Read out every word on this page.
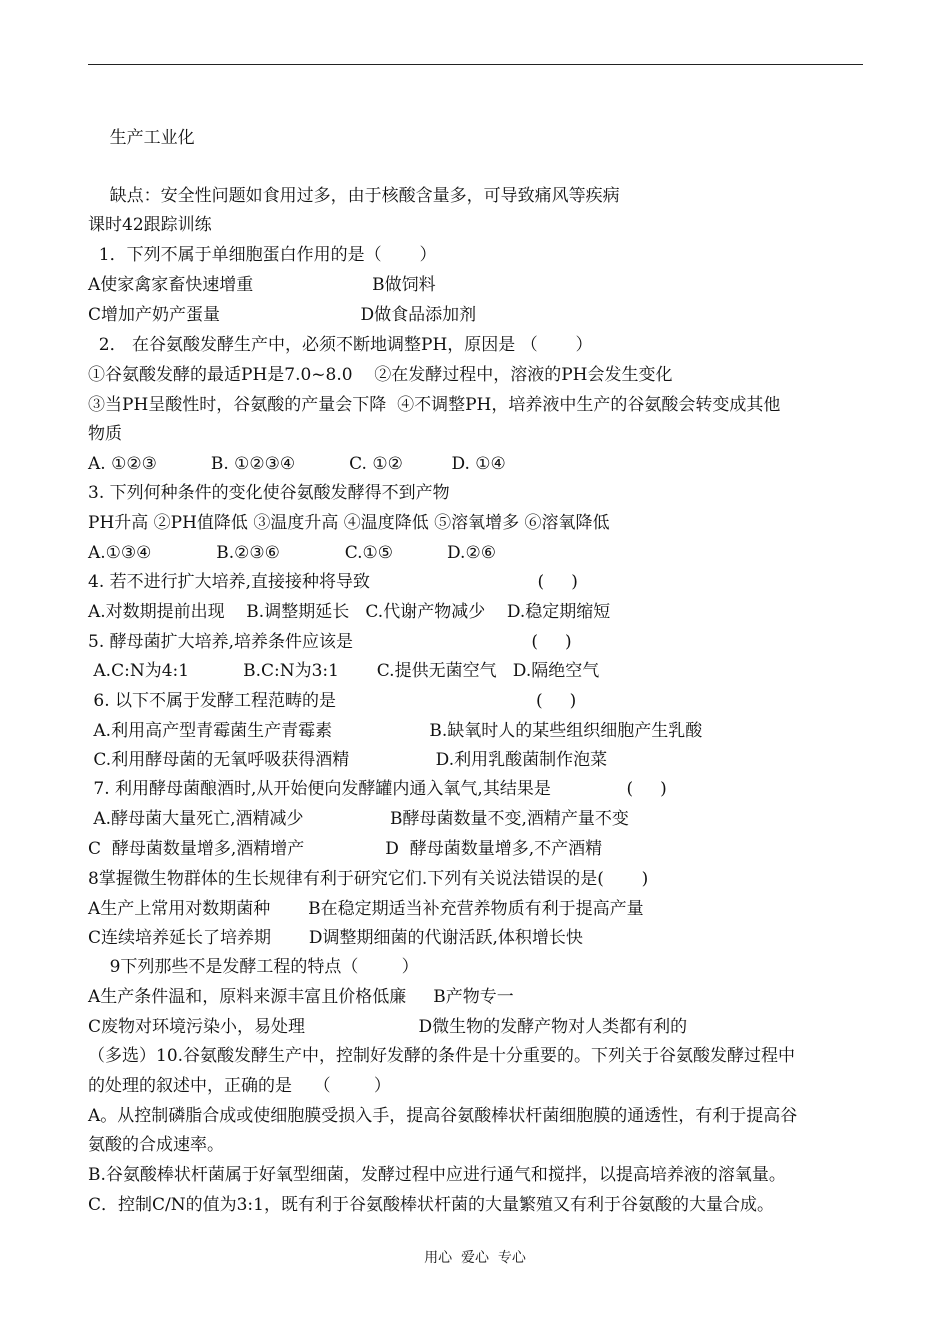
生产工业化
缺点：安全性问题如食用过多，由于核酸含量多，可导致痛风等疾病
课时42跟踪训练
1．下列不属于单细胞蛋白作用的是（       ）
A使家禽家畜快速增重                      B做饲料
C增加产奶产蛋量                          D做食品添加剂
2． 在谷氨酸发酵生产中，必须不断地调整PH，原因是 （       ）
①谷氨酸发酵的最适PH是7.0~8.0    ②在发酵过程中，溶液的PH会发生变化
③当PH呈酸性时，谷氨酸的产量会下降  ④不调整PH，培养液中生产的谷氨酸会转变成其他
物质
A. ①②③          B. ①②③④          C. ①②         D. ①④
3. 下列何种条件的变化使谷氨酸发酵得不到产物
PH升高 ②PH值降低 ③温度升高 ④温度降低 ⑤溶氧增多 ⑥溶氧降低
A.①③④            B.②③⑥            C.①⑤          D.②⑥
4. 若不进行扩大培养,直接接种将导致                               (     )
A.对数期提前出现    B.调整期延长   C.代谢产物减少    D.稳定期缩短
5. 酵母菌扩大培养,培养条件应该是                                 (     )
A.C:N为4:1          B.C:N为3:1       C.提供无菌空气   D.隔绝空气
6. 以下不属于发酵工程范畴的是                                     (     )
A.利用高产型青霉菌生产青霉素                  B.缺氧时人的某些组织细胞产生乳酸
C.利用酵母菌的无氧呼吸获得酒精                D.利用乳酸菌制作泡菜
7. 利用酵母菌酿酒时,从开始便向发酵罐内通入氧气,其结果是              (     )
A.酵母菌大量死亡,酒精减少                B酵母菌数量不变,酒精产量不变
C  酵母菌数量增多,酒精增产               D  酵母菌数量增多,不产酒精
8掌握微生物群体的生长规律有利于研究它们.下列有关说法错误的是(       )
A生产上常用对数期菌种       B在稳定期适当补充营养物质有利于提高产量
C连续培养延长了培养期       D调整期细菌的代谢活跃,体积增长快
9下列那些不是发酵工程的特点（        ）
A生产条件温和，原料来源丰富且价格低廉     B产物专一
C废物对环境污染小，易处理                     D微生物的发酵产物对人类都有利的
（多选）10.谷氨酸发酵生产中，控制好发酵的条件是十分重要的。下列关于谷氨酸发酵过程中
的处理的叙述中，正确的是    （        ）
A。从控制磷脂合成或使细胞膜受损入手，提高谷氨酸棒状杆菌细胞膜的通透性，有利于提高谷
氨酸的合成速率。
B.谷氨酸棒状杆菌属于好氧型细菌，发酵过程中应进行通气和搅拌，以提高培养液的溶氧量。
C．控制C/N的值为3:1，既有利于谷氨酸棒状杆菌的大量繁殖又有利于谷氨酸的大量合成。
用心  爱心  专心
